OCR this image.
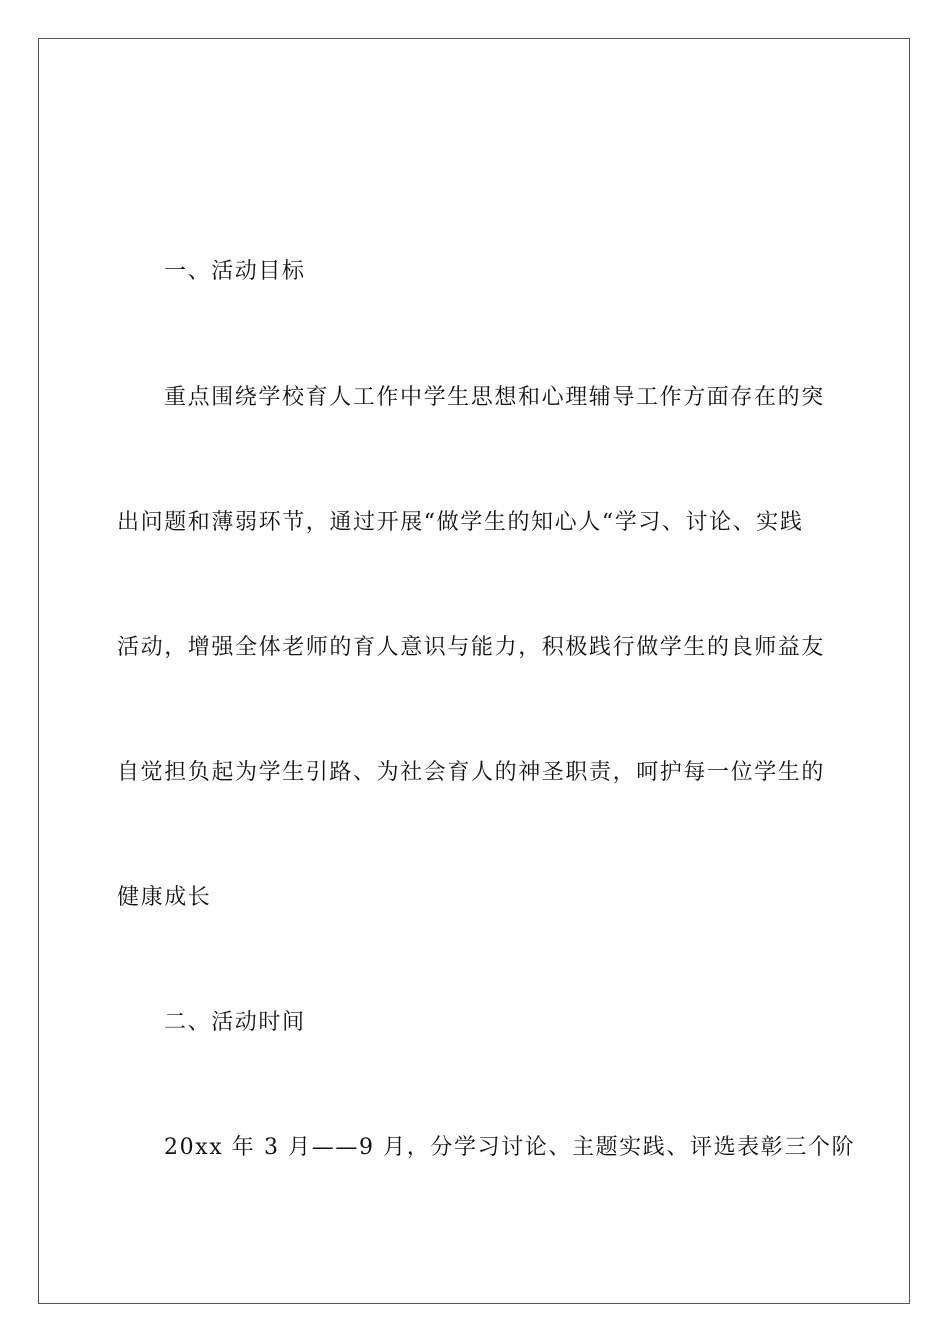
一、活动目标
重点围绕学校育人工作中学生思想和心理辅导工作方面存在的突
出问题和薄弱环节，通过开展“做学生的知心人“学习、讨论、实践
活动，增强全体老师的育人意识与能力，积极践行做学生的良师益友
自觉担负起为学生引路、为社会育人的神圣职责，呵护每一位学生的
健康成长
二、活动时间
20xx 年 3 月——9 月，分学习讨论、主题实践、评选表彰三个阶
